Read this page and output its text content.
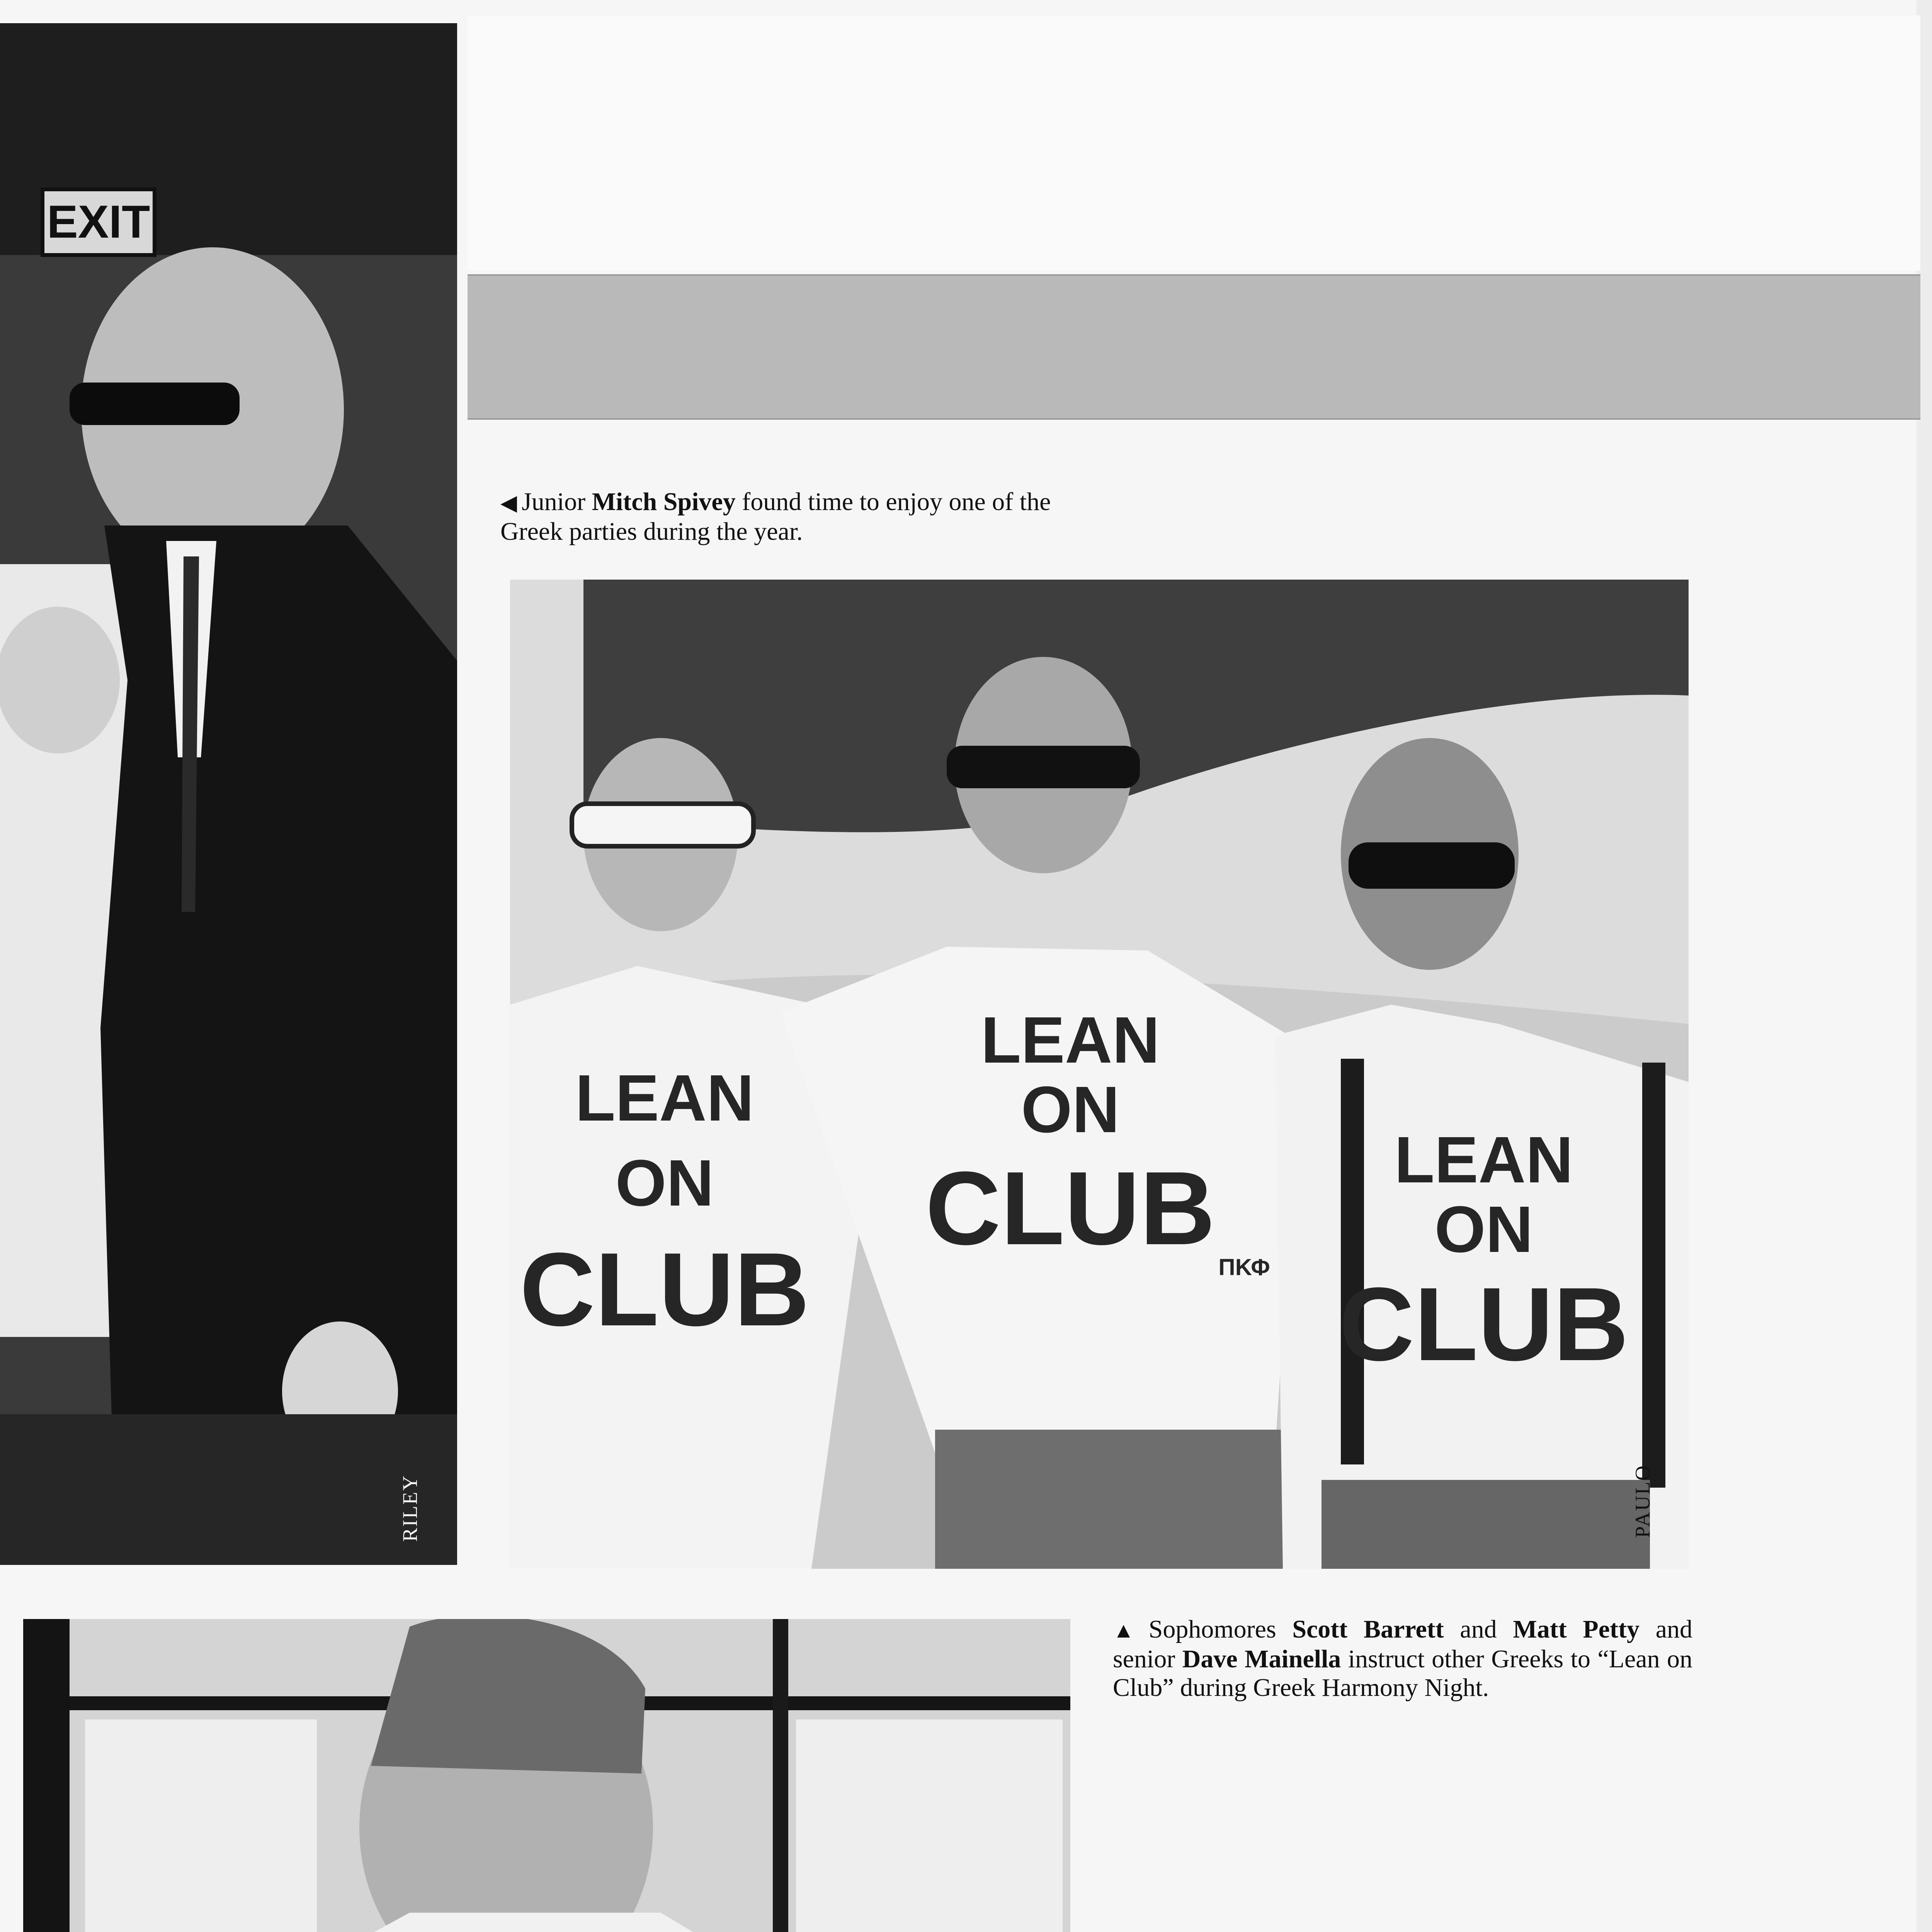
EXIT
RILEY
◀ Junior Mitch Spivey found time to enjoy one of the Greek parties during the year.
LEAN
ON
CLUB
LEAN
ON
CLUB
ΠΚΦ
LEAN
ON
CLUB
PAULO
▲ Sophomores Scott Barrett and Matt Petty and senior Dave Mainella instruct other Greeks to “Lean on Club” during Greek Harmony Night.
